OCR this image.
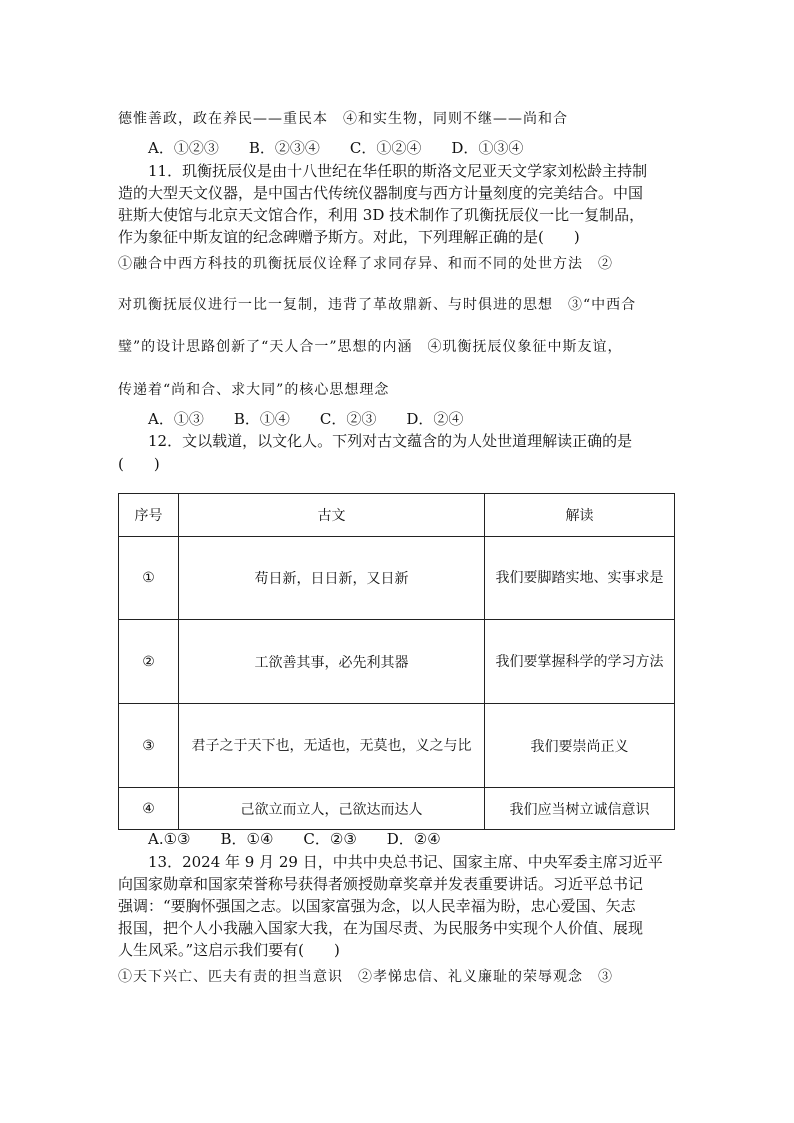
德惟善政，政在养民——重民本　④和实生物，同则不继——尚和合
A．①②③　　B．②③④　　C．①②④　　D．①③④
11．玑衡抚辰仪是由十八世纪在华任职的斯洛文尼亚天文学家刘松龄主持制
造的大型天文仪器，是中国古代传统仪器制度与西方计量刻度的完美结合。中国
驻斯大使馆与北京天文馆合作，利用 3D 技术制作了玑衡抚辰仪一比一复制品，
作为象征中斯友谊的纪念碑赠予斯方。对此，下列理解正确的是(　　)
①融合中西方科技的玑衡抚辰仪诠释了求同存异、和而不同的处世方法　②
对玑衡抚辰仪进行一比一复制，违背了革故鼎新、与时俱进的思想　③“中西合
璧”的设计思路创新了“天人合一”思想的内涵　④玑衡抚辰仪象征中斯友谊，
传递着“尚和合、求大同”的核心思想理念
A．①③　　B．①④　　C．②③　　D．②④
12．文以载道，以文化人。下列对古文蕴含的为人处世道理解读正确的是
(　　)
序号	古文	解读
①	苟日新，日日新，又日新	我们要脚踏实地、实事求是

②	工欲善其事，必先利其器	我们要掌握科学的学习方法

③	君子之于天下也，无适也，无莫也，义之与比	我们要崇尚正义
④	己欲立而立人，己欲达而达人	我们应当树立诚信意识
A.①③　　B．①④　　C．②③　　D．②④
13．2024 年 9 月 29 日，中共中央总书记、国家主席、中央军委主席习近平
向国家勋章和国家荣誉称号获得者颁授勋章奖章并发表重要讲话。习近平总书记
强调：“要胸怀强国之志。以国家富强为念，以人民幸福为盼，忠心爱国、矢志
报国，把个人小我融入国家大我，在为国尽责、为民服务中实现个人价值、展现
人生风采。”这启示我们要有(　　)
①天下兴亡、匹夫有责的担当意识　②孝悌忠信、礼义廉耻的荣辱观念　③
